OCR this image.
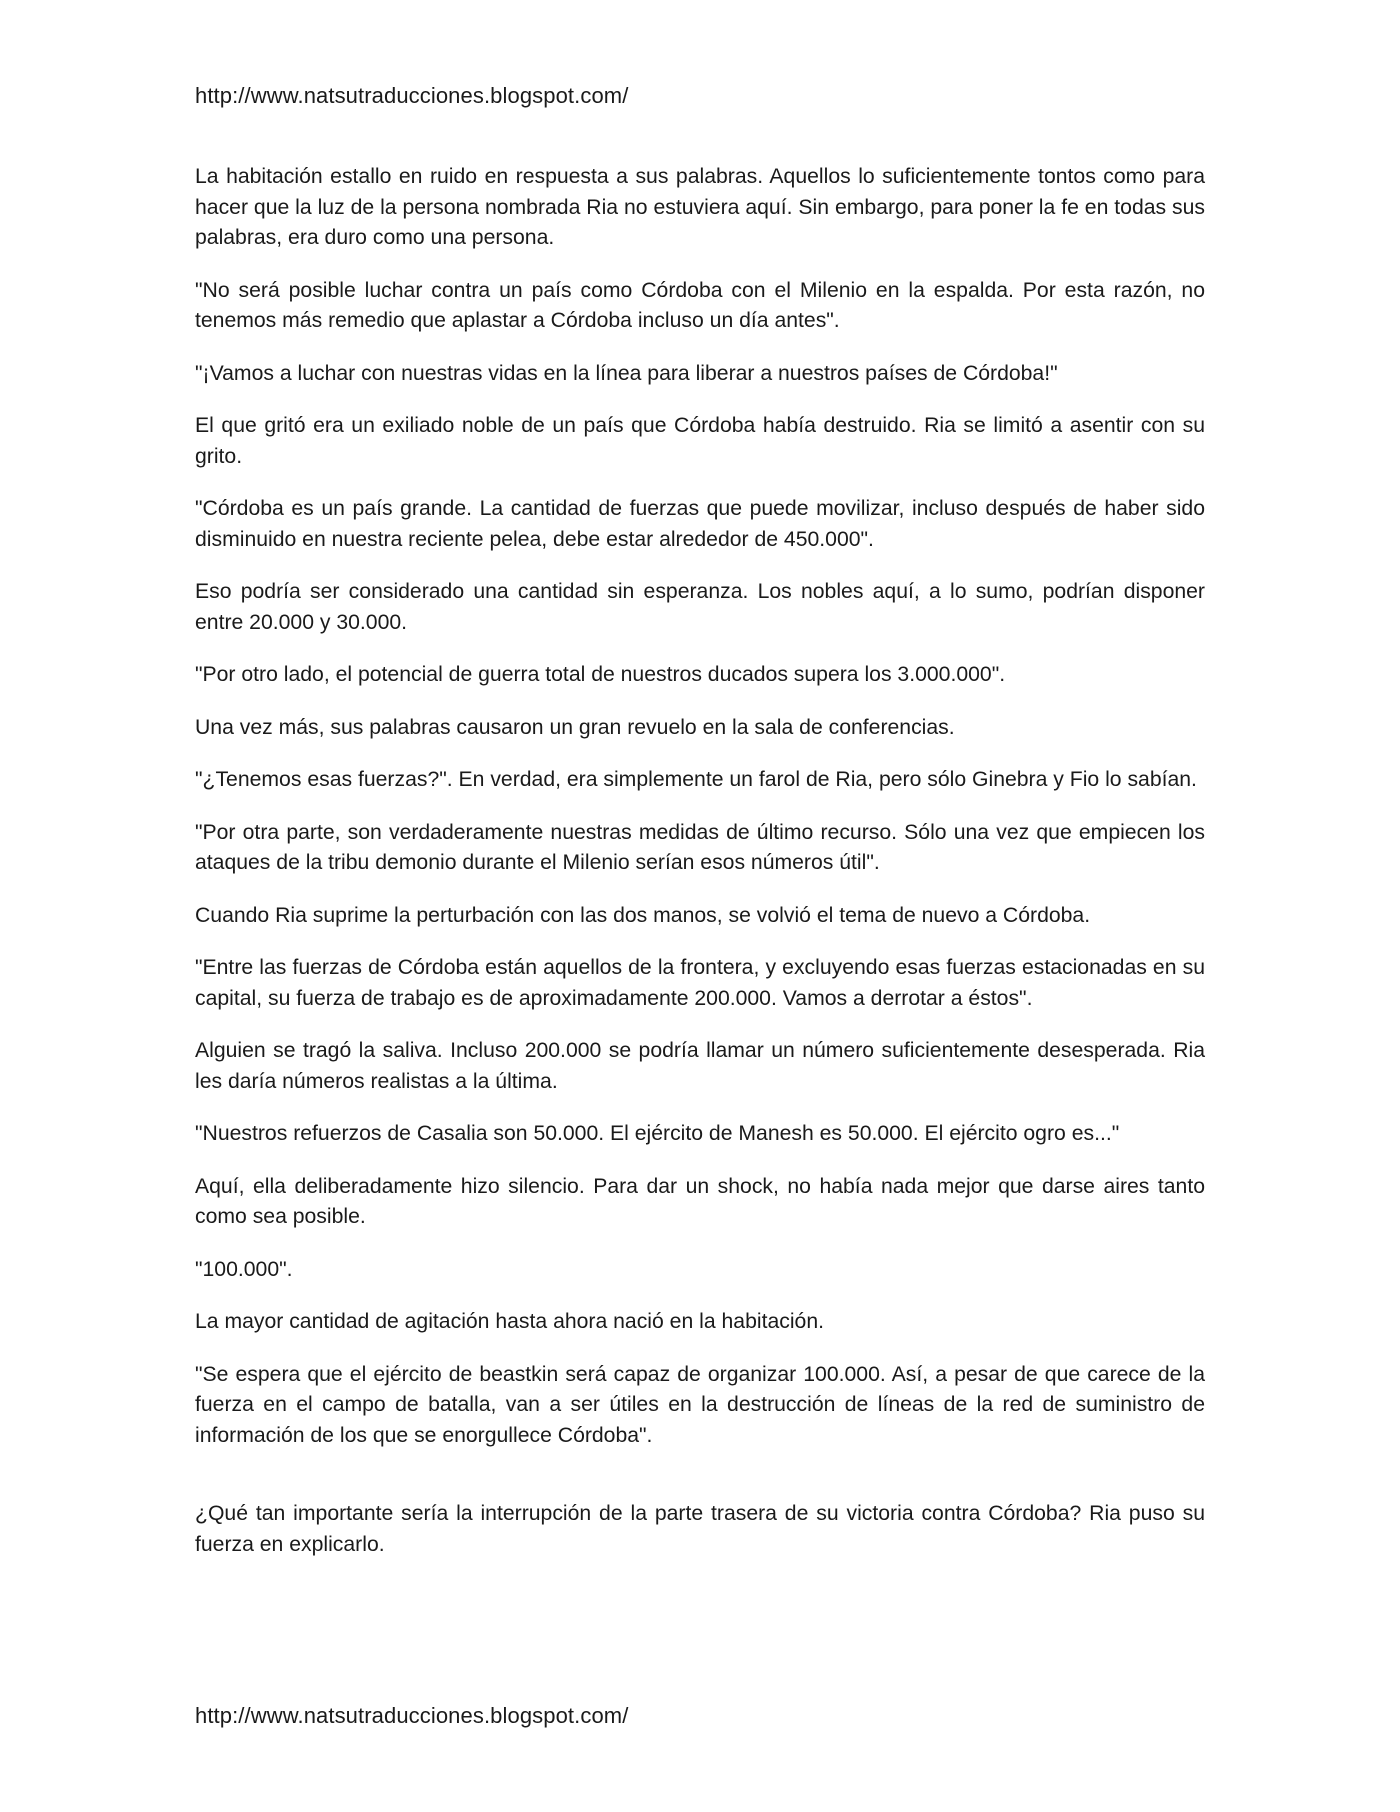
http://www.natsutraducciones.blogspot.com/

La habitación estallo en ruido en respuesta a sus palabras. Aquellos lo suficientemente tontos como para hacer que la luz de la persona nombrada Ria no estuviera aquí. Sin embargo, para poner la fe en todas sus palabras, era duro como una persona.

"No será posible luchar contra un país como Córdoba con el Milenio en la espalda. Por esta razón, no tenemos más remedio que aplastar a Córdoba incluso un día antes".

"¡Vamos a luchar con nuestras vidas en la línea para liberar a nuestros países de Córdoba!"

El que gritó era un exiliado noble de un país que Córdoba había destruido. Ria se limitó a asentir con su grito.

"Córdoba es un país grande. La cantidad de fuerzas que puede movilizar, incluso después de haber sido disminuido en nuestra reciente pelea, debe estar alrededor de 450.000".

Eso podría ser considerado una cantidad sin esperanza. Los nobles aquí, a lo sumo, podrían disponer entre 20.000 y 30.000.

"Por otro lado, el potencial de guerra total de nuestros ducados supera los 3.000.000".

Una vez más, sus palabras causaron un gran revuelo en la sala de conferencias.

"¿Tenemos esas fuerzas?". En verdad, era simplemente un farol de Ria, pero sólo Ginebra y Fio lo sabían.

"Por otra parte, son verdaderamente nuestras medidas de último recurso. Sólo una vez que empiecen los ataques de la tribu demonio durante el Milenio serían esos números útil".

Cuando Ria suprime la perturbación con las dos manos, se volvió el tema de nuevo a Córdoba.

"Entre las fuerzas de Córdoba están aquellos de la frontera, y excluyendo esas fuerzas estacionadas en su capital, su fuerza de trabajo es de aproximadamente 200.000. Vamos a derrotar a éstos".

Alguien se tragó la saliva. Incluso 200.000 se podría llamar un número suficientemente desesperada. Ria les daría números realistas a la última.

"Nuestros refuerzos de Casalia son 50.000. El ejército de Manesh es 50.000. El ejército ogro es..."

Aquí, ella deliberadamente hizo silencio. Para dar un shock, no había nada mejor que darse aires tanto como sea posible.

"100.000".

La mayor cantidad de agitación hasta ahora nació en la habitación.

"Se espera que el ejército de beastkin será capaz de organizar 100.000. Así, a pesar de que carece de la fuerza en el campo de batalla, van a ser útiles en la destrucción de líneas de la red de suministro de información de los que se enorgullece Córdoba".

¿Qué tan importante sería la interrupción de la parte trasera de su victoria contra Córdoba? Ria puso su fuerza en explicarlo.

http://www.natsutraducciones.blogspot.com/
